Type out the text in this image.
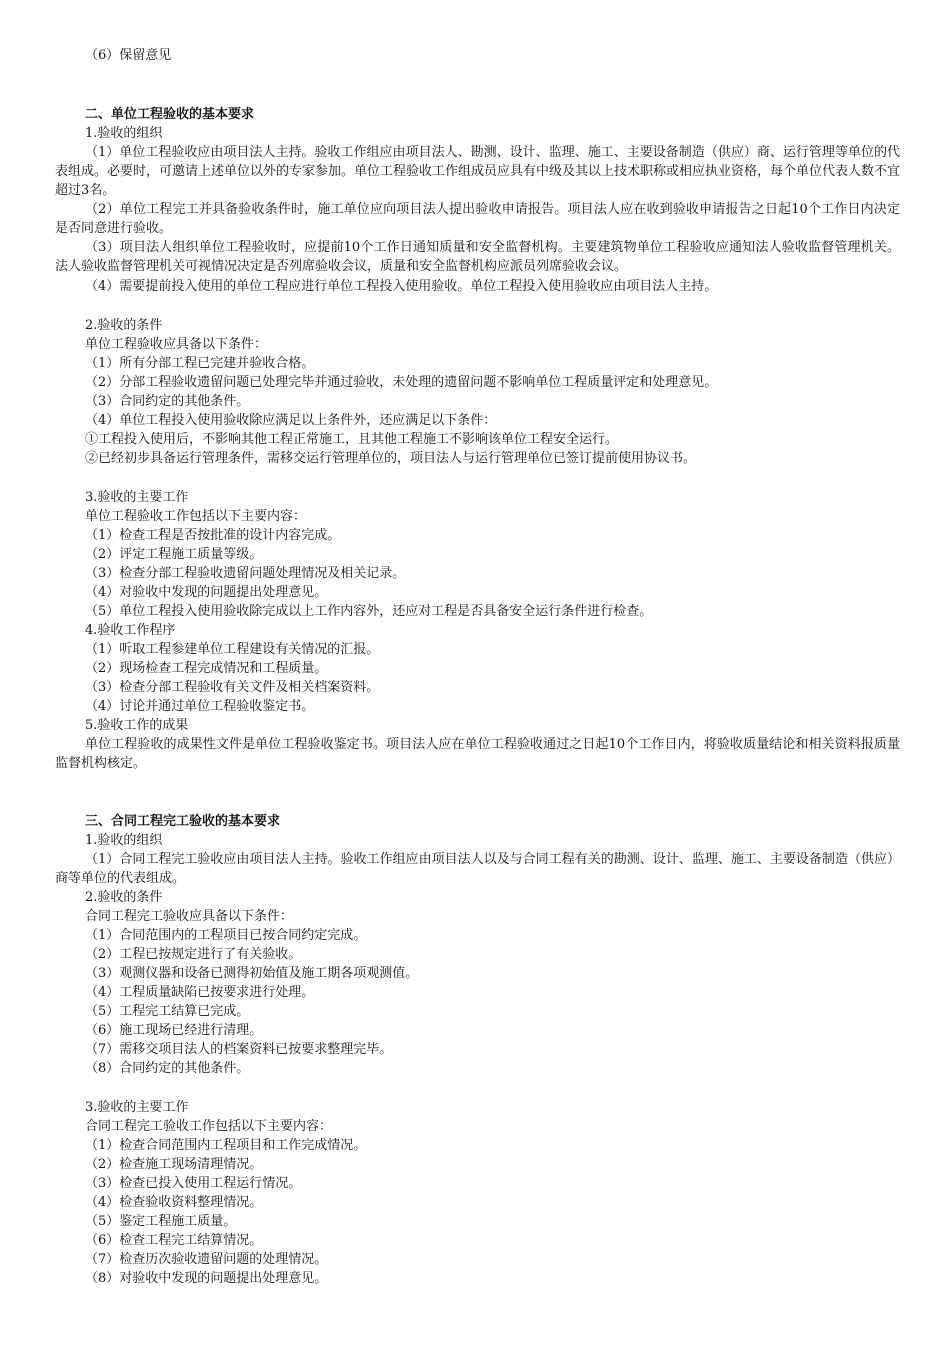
（6）保留意见
二、单位工程验收的基本要求
1.验收的组织
（1）单位工程验收应由项目法人主持。验收工作组应由项目法人、勘测、设计、监理、施工、主要设备制造（供应）商、运行管理等单位的代表组成。必要时，可邀请上述单位以外的专家参加。单位工程验收工作组成员应具有中级及其以上技术职称或相应执业资格，每个单位代表人数不宜超过3名。
（2）单位工程完工并具备验收条件时，施工单位应向项目法人提出验收申请报告。项目法人应在收到验收申请报告之日起10个工作日内决定是否同意进行验收。
（3）项目法人组织单位工程验收时，应提前10个工作日通知质量和安全监督机构。主要建筑物单位工程验收应通知法人验收监督管理机关。法人验收监督管理机关可视情况决定是否列席验收会议，质量和安全监督机构应派员列席验收会议。
（4）需要提前投入使用的单位工程应进行单位工程投入使用验收。单位工程投入使用验收应由项目法人主持。
2.验收的条件
单位工程验收应具备以下条件：
（1）所有分部工程已完建并验收合格。
（2）分部工程验收遗留问题已处理完毕并通过验收，未处理的遗留问题不影响单位工程质量评定和处理意见。
（3）合同约定的其他条件。
（4）单位工程投入使用验收除应满足以上条件外，还应满足以下条件：
①工程投入使用后，不影响其他工程正常施工，且其他工程施工不影响该单位工程安全运行。
②已经初步具备运行管理条件，需移交运行管理单位的，项目法人与运行管理单位已签订提前使用协议书。
3.验收的主要工作
单位工程验收工作包括以下主要内容：
（1）检查工程是否按批准的设计内容完成。
（2）评定工程施工质量等级。
（3）检查分部工程验收遗留问题处理情况及相关记录。
（4）对验收中发现的问题提出处理意见。
（5）单位工程投入使用验收除完成以上工作内容外，还应对工程是否具备安全运行条件进行检查。
4.验收工作程序
（1）听取工程参建单位工程建设有关情况的汇报。
（2）现场检查工程完成情况和工程质量。
（3）检查分部工程验收有关文件及相关档案资料。
（4）讨论并通过单位工程验收鉴定书。
5.验收工作的成果
单位工程验收的成果性文件是单位工程验收鉴定书。项目法人应在单位工程验收通过之日起10个工作日内，将验收质量结论和相关资料报质量监督机构核定。
三、合同工程完工验收的基本要求
1.验收的组织
（1）合同工程完工验收应由项目法人主持。验收工作组应由项目法人以及与合同工程有关的勘测、设计、监理、施工、主要设备制造（供应）商等单位的代表组成。
2.验收的条件
合同工程完工验收应具备以下条件：
（1）合同范围内的工程项目已按合同约定完成。
（2）工程已按规定进行了有关验收。
（3）观测仪器和设备已测得初始值及施工期各项观测值。
（4）工程质量缺陷已按要求进行处理。
（5）工程完工结算已完成。
（6）施工现场已经进行清理。
（7）需移交项目法人的档案资料已按要求整理完毕。
（8）合同约定的其他条件。
3.验收的主要工作
合同工程完工验收工作包括以下主要内容：
（1）检查合同范围内工程项目和工作完成情况。
（2）检查施工现场清理情况。
（3）检查已投入使用工程运行情况。
（4）检查验收资料整理情况。
（5）鉴定工程施工质量。
（6）检查工程完工结算情况。
（7）检查历次验收遗留问题的处理情况。
（8）对验收中发现的问题提出处理意见。
